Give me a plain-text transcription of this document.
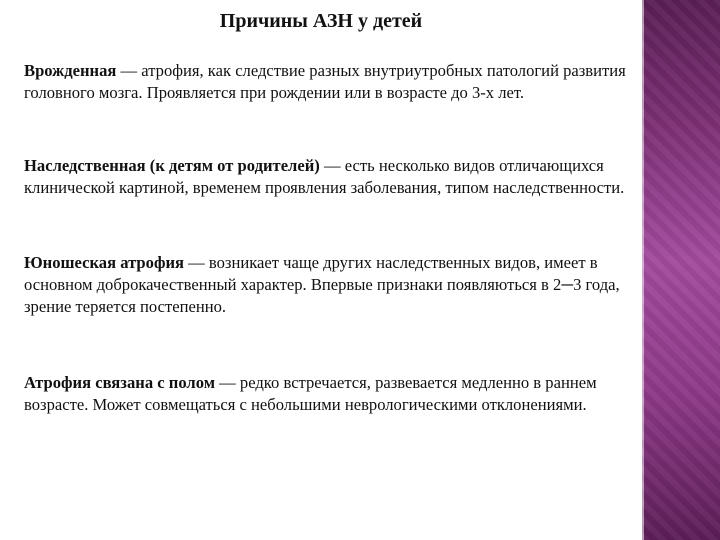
Причины АЗН у детей
Врожденная — атрофия, как следствие разных внутриутробных патологий развития головного мозга. Проявляется при рождении или в возрасте до 3-х лет.
Наследственная (к детям от родителей) — есть несколько видов отличающихся клинической картиной, временем проявления заболевания, типом наследственности.
Юношеская атрофия — возникает чаще других наследственных видов, имеет в основном доброкачественный характер. Впервые признаки появляються в 2─3 года, зрение теряется постепенно.
Атрофия связана с полом — редко встречается, развевается медленно в раннем возрасте. Может совмещаться с небольшими неврологическими отклонениями.
